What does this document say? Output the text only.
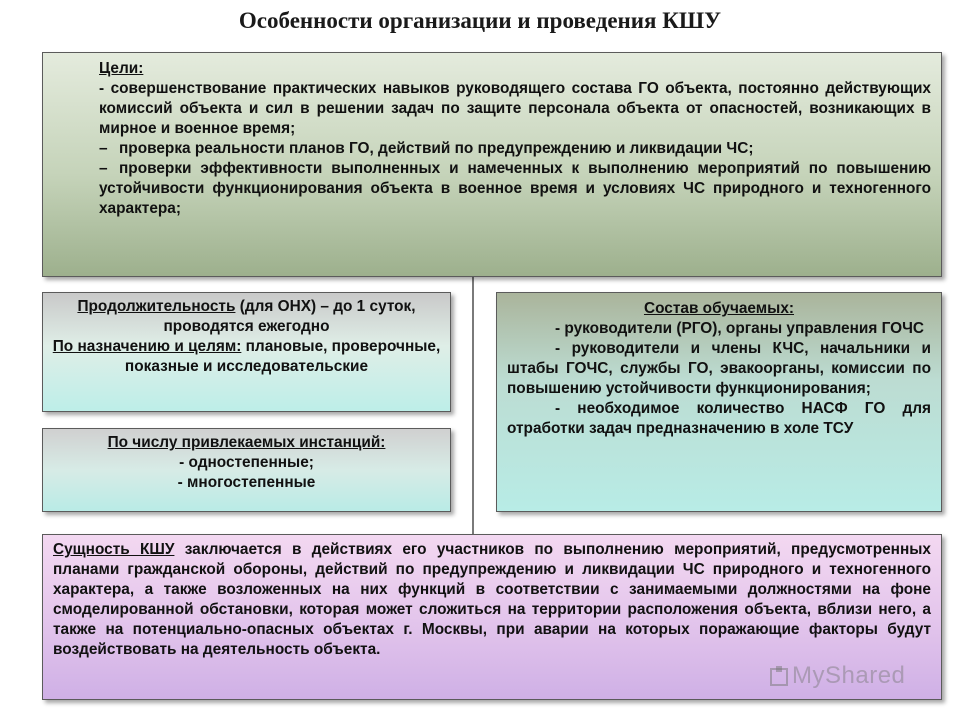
Особенности организации и проведения КШУ

Цели:

- совершенствование практических навыков руководящего состава ГО объекта, постоянно действующих комиссий объекта и сил в решении задач по защите персонала объекта от опасностей, возникающих в мирное и военное время;

– проверка реальности планов ГО, действий по предупреждению и ликвидации ЧС;

– проверки эффективности выполненных и намеченных к выполнению мероприятий по повышению устойчивости функционирования объекта в военное время и условиях ЧС природного и техногенного характера;

Продолжительность (для ОНХ) – до 1 суток, проводятся ежегодно

По назначению и целям: плановые, проверочные, показные и исследовательские

По числу привлекаемых инстанций:

- одностепенные;

- многостепенные

Состав обучаемых:

- руководители (РГО), органы управления ГОЧС

- руководители и члены КЧС, начальники и штабы ГОЧС, службы ГО, эвакоорганы, комиссии по повышению устойчивости функционирования;

- необходимое количество НАСФ ГО для отработки задач предназначению в холе ТСУ

Сущность КШУ заключается в действиях его участников по выполнению мероприятий, предусмотренных планами гражданской обороны, действий по предупреждению и ликвидации ЧС природного и техногенного характера, а также возложенных на них функций в соответствии с занимаемыми должностями на фоне смоделированной обстановки, которая может сложиться на территории расположения объекта, вблизи него, а также на потенциально-опасных объектах г. Москвы, при аварии на которых поражающие факторы будут воздействовать на деятельность объекта.

MyShared
